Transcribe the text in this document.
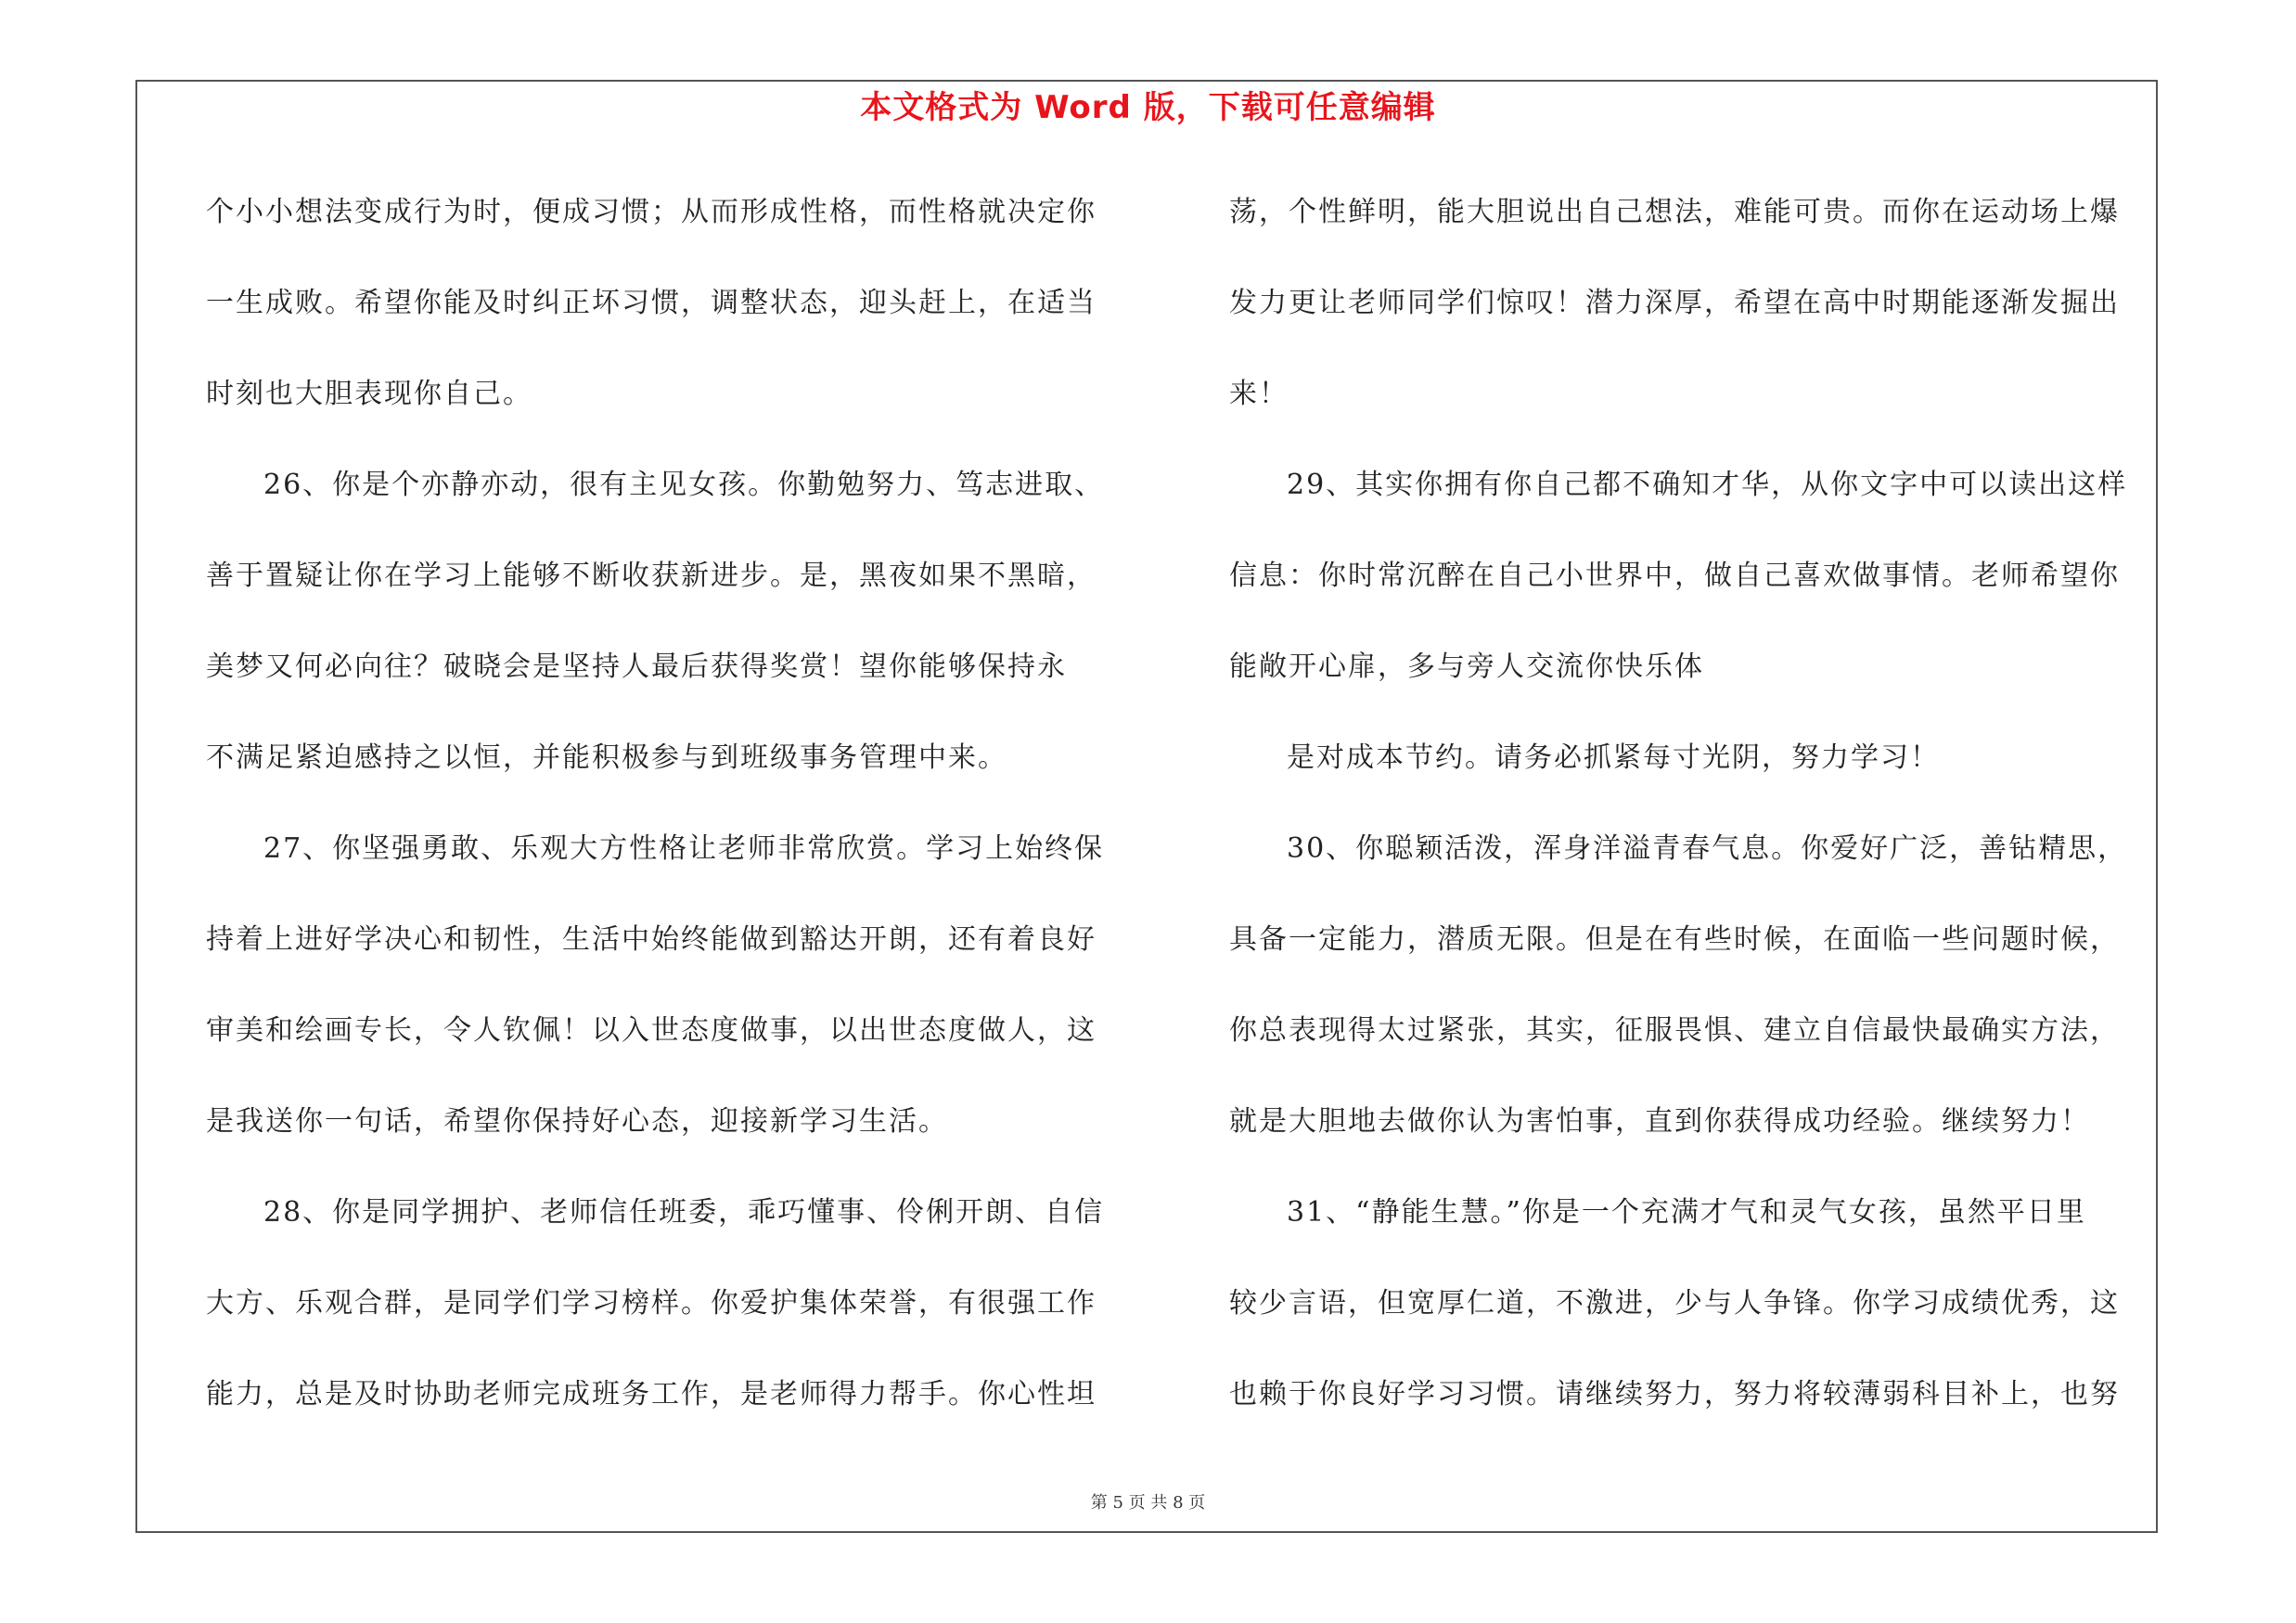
本文格式为 Word 版，下载可任意编辑
个小小想法变成行为时，便成习惯；从而形成性格，而性格就决定你
一生成败。希望你能及时纠正坏习惯，调整状态，迎头赶上，在适当
时刻也大胆表现你自己。
26、你是个亦静亦动，很有主见女孩。你勤勉努力、笃志进取、
善于置疑让你在学习上能够不断收获新进步。是，黑夜如果不黑暗，
美梦又何必向往？破晓会是坚持人最后获得奖赏！望你能够保持永
不满足紧迫感持之以恒，并能积极参与到班级事务管理中来。
27、你坚强勇敢、乐观大方性格让老师非常欣赏。学习上始终保
持着上进好学决心和韧性，生活中始终能做到豁达开朗，还有着良好
审美和绘画专长，令人钦佩！以入世态度做事，以出世态度做人，这
是我送你一句话，希望你保持好心态，迎接新学习生活。
28、你是同学拥护、老师信任班委，乖巧懂事、伶俐开朗、自信
大方、乐观合群，是同学们学习榜样。你爱护集体荣誉，有很强工作
能力，总是及时协助老师完成班务工作，是老师得力帮手。你心性坦
荡，个性鲜明，能大胆说出自己想法，难能可贵。而你在运动场上爆
发力更让老师同学们惊叹！潜力深厚，希望在高中时期能逐渐发掘出
来！
29、其实你拥有你自己都不确知才华，从你文字中可以读出这样
信息：你时常沉醉在自己小世界中，做自己喜欢做事情。老师希望你
能敞开心扉，多与旁人交流你快乐体
是对成本节约。请务必抓紧每寸光阴，努力学习！
30、你聪颖活泼，浑身洋溢青春气息。你爱好广泛，善钻精思，
具备一定能力，潜质无限。但是在有些时候，在面临一些问题时候，
你总表现得太过紧张，其实，征服畏惧、建立自信最快最确实方法，
就是大胆地去做你认为害怕事，直到你获得成功经验。继续努力！
31、“静能生慧。”你是一个充满才气和灵气女孩，虽然平日里
较少言语，但宽厚仁道，不激进，少与人争锋。你学习成绩优秀，这
也赖于你良好学习习惯。请继续努力，努力将较薄弱科目补上，也努
第 5 页 共 8 页
